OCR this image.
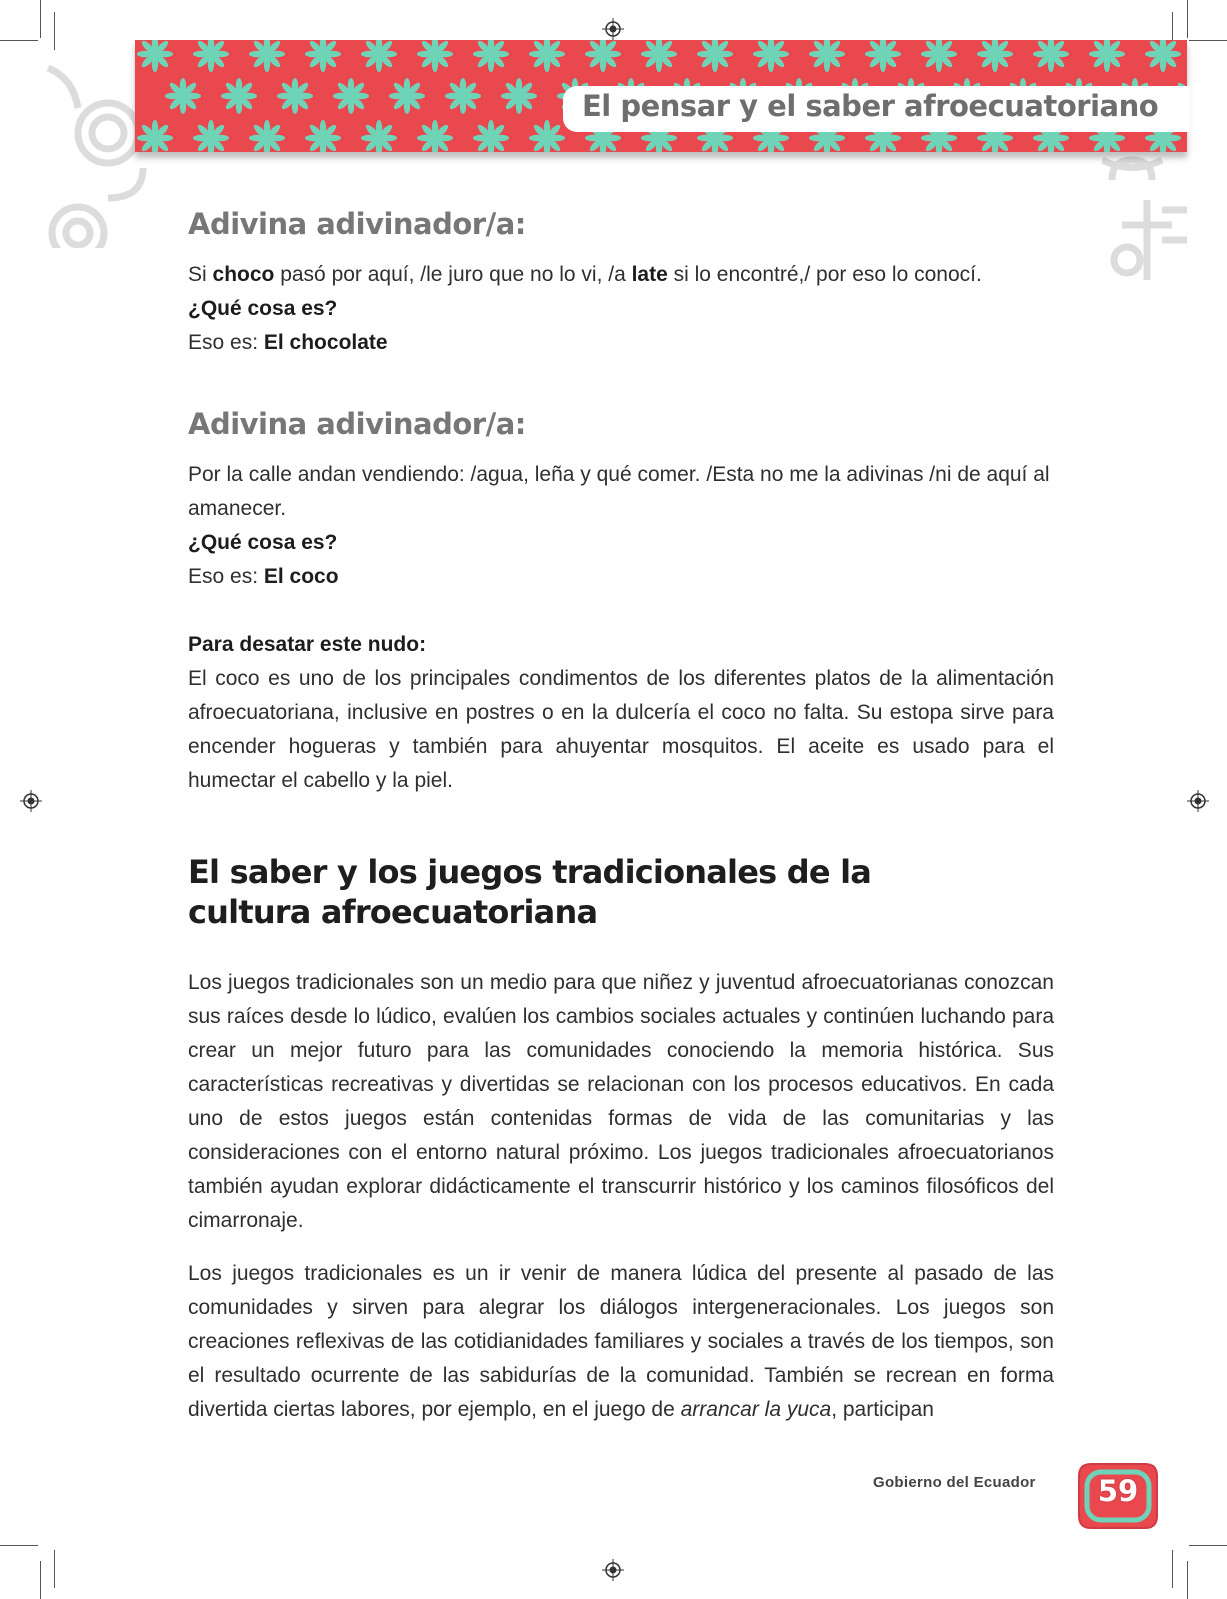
El pensar y el saber afroecuatoriano
Adivina adivinador/a:

Si choco pasó por aquí, /le juro que no lo vi, /a late si lo encontré,/ por eso lo conocí.
¿Qué cosa es?
Eso es: El chocolate

Adivina adivinador/a:

Por la calle andan vendiendo: /agua, leña y qué comer. /Esta no me la adivinas /ni de aquí al amanecer.
¿Qué cosa es?
Eso es: El coco

Para desatar este nudo:
El coco es uno de los principales condimentos de los diferentes platos de la alimentación afroecuatoriana, inclusive en postres o en la dulcería el coco no falta. Su estopa sirve para encender hogueras y también para ahuyentar mosquitos. El aceite es usado para el humectar el cabello y la piel.

El saber y los juegos tradicionales de la cultura afroecuatoriana

Los juegos tradicionales son un medio para que niñez y juventud afroecuatorianas conozcan sus raíces desde lo lúdico, evalúen los cambios sociales actuales y continúen luchando para crear un mejor futuro para las comunidades conociendo la memoria histórica. Sus características recreativas y divertidas se relacionan con los procesos educativos. En cada uno de estos juegos están contenidas formas de vida de las comunitarias y las consideraciones con el entorno natural próximo. Los juegos tradicionales afroecuatorianos también ayudan explorar didácticamente el transcurrir histórico y los caminos filosóficos del cimarronaje.

Los juegos tradicionales es un ir venir de manera lúdica del presente al pasado de las comunidades y sirven para alegrar los diálogos intergeneracionales. Los juegos son creaciones reflexivas de las cotidianidades familiares y sociales a través de los tiempos, son el resultado ocurrente de las sabidurías de la comunidad. También se recrean en forma divertida ciertas labores, por ejemplo, en el juego de arrancar la yuca, participan

Gobierno del Ecuador	59
